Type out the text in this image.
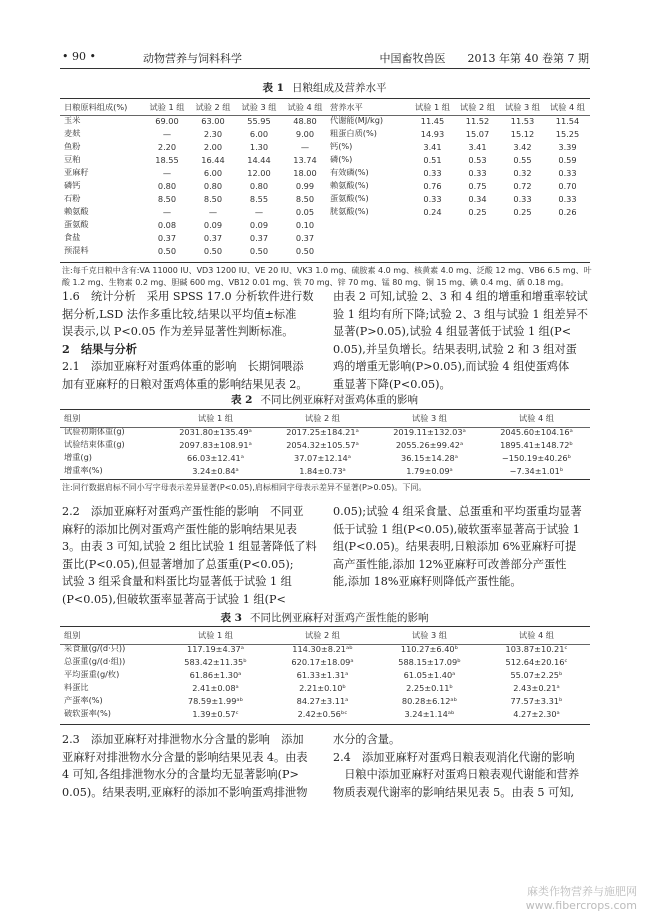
• 90 •	动物营养与饲料科学	中国畜牧兽医　　2013 年第 40 卷第 7 期
表 1 日粮组成及营养水平
日粮原料组成(%)	试验 1 组	试验 2 组	试验 3 组	试验 4 组	营养水平	试验 1 组	试验 2 组	试验 3 组	试验 4 组
玉米	69.00	63.00	55.95	48.80	代谢能(MJ/kg)	11.45	11.52	11.53	11.54
麦麸	—	2.30	6.00	9.00	粗蛋白质(%)	14.93	15.07	15.12	15.25
鱼粉	2.20	2.00	1.30	—	钙(%)	3.41	3.41	3.42	3.39
豆粕	18.55	16.44	14.44	13.74	磷(%)	0.51	0.53	0.55	0.59
亚麻籽	—	6.00	12.00	18.00	有效磷(%)	0.33	0.33	0.32	0.33
磷钙	0.80	0.80	0.80	0.99	赖氨酸(%)	0.76	0.75	0.72	0.70
石粉	8.50	8.50	8.55	8.50	蛋氨酸(%)	0.33	0.34	0.33	0.33
赖氨酸	—	—	—	0.05	胱氨酸(%)	0.24	0.25	0.25	0.26
蛋氨酸	0.08	0.09	0.09	0.10					
食盐	0.37	0.37	0.37	0.37					
预混料	0.50	0.50	0.50	0.50					
注:每千克日粮中含有:VA 11000 IU、VD3 1200 IU、VE 20 IU、VK3 1.0 mg、硫胺素 4.0 mg、核黄素 4.0 mg、泛酸 12 mg、VB6 6.5 mg、叶
酸 1.2 mg、生物素 0.2 mg、胆碱 600 mg、VB12 0.01 mg、铁 70 mg、锌 70 mg、锰 80 mg、铜 15 mg、碘 0.4 mg、硒 0.18 mg。

1.6　统计分析　采用 SPSS 17.0 分析软件进行数

据分析,LSD 法作多重比较,结果以平均值±标准

误表示,以 P<0.05 作为差异显著性判断标准。

2　结果与分析

2.1　添加亚麻籽对蛋鸡体重的影响　长期饲喂添

加有亚麻籽的日粮对蛋鸡体重的影响结果见表 2。

由表 2 可知,试验 2、3 和 4 组的增重和增重率较试

验 1 组均有所下降;试验 2、3 组与试验 1 组差异不

显著(P>0.05),试验 4 组显著低于试验 1 组(P<

0.05),并呈负增长。结果表明,试验 2 和 3 组对蛋

鸡的增重无影响(P>0.05),而试验 4 组使蛋鸡体

重显著下降(P<0.05)。

表 2 不同比例亚麻籽对蛋鸡体重的影响
组别	试验 1 组	试验 2 组	试验 3 组	试验 4 组
试验初期体重(g)	2031.80±135.49ᵃ	2017.25±184.21ᵃ	2019.11±132.03ᵃ	2045.60±104.16ᵃ
试验结束体重(g)	2097.83±108.91ᵃ	2054.32±105.57ᵃ	2055.26±99.42ᵃ	1895.41±148.72ᵇ
增重(g)	66.03±12.41ᵃ	37.07±12.14ᵃ	36.15±14.28ᵃ	−150.19±40.26ᵇ
增重率(%)	3.24±0.84ᵃ	1.84±0.73ᵃ	1.79±0.09ᵃ	−7.34±1.01ᵇ
注:同行数据肩标不同小写字母表示差异显著(P<0.05),肩标相同字母表示差异不显著(P>0.05)。下同。

2.2　添加亚麻籽对蛋鸡产蛋性能的影响　不同亚

麻籽的添加比例对蛋鸡产蛋性能的影响结果见表

3。由表 3 可知,试验 2 组比试验 1 组显著降低了料

蛋比(P<0.05),但显著增加了总蛋重(P<0.05);

试验 3 组采食量和料蛋比均显著低于试验 1 组

(P<0.05),但破软蛋率显著高于试验 1 组(P<

0.05);试验 4 组采食量、总蛋重和平均蛋重均显著

低于试验 1 组(P<0.05),破软蛋率显著高于试验 1

组(P<0.05)。结果表明,日粮添加 6%亚麻籽可提

高产蛋性能,添加 12%亚麻籽可改善部分产蛋性

能,添加 18%亚麻籽则降低产蛋性能。

表 3 不同比例亚麻籽对蛋鸡产蛋性能的影响
组别	试验 1 组	试验 2 组	试验 3 组	试验 4 组
采食量(g/(d·只))	117.19±4.37ᵃ	114.30±8.21ᵃᵇ	110.27±6.40ᵇ	103.87±10.21ᶜ
总蛋重(g/(d·组))	583.42±11.35ᵇ	620.17±18.09ᵃ	588.15±17.09ᵇ	512.64±20.16ᶜ
平均蛋重(g/枚)	61.86±1.30ᵃ	61.33±1.31ᵃ	61.05±1.40ᵃ	55.07±2.25ᵇ
料蛋比	2.41±0.08ᵃ	2.21±0.10ᵇ	2.25±0.11ᵇ	2.43±0.21ᵃ
产蛋率(%)	78.59±1.99ᵃᵇ	84.27±3.11ᵃ	80.28±6.12ᵃᵇ	77.57±3.31ᵇ
破软蛋率(%)	1.39±0.57ᶜ	2.42±0.56ᵇᶜ	3.24±1.14ᵃᵇ	4.27±2.30ᵃ

2.3　添加亚麻籽对排泄物水分含量的影响　添加

亚麻籽对排泄物水分含量的影响结果见表 4。由表

4 可知,各组排泄物水分的含量均无显著影响(P>

0.05)。结果表明,亚麻籽的添加不影响蛋鸡排泄物

水分的含量。

2.4　添加亚麻籽对蛋鸡日粮表观消化代谢的影响

　日粮中添加亚麻籽对蛋鸡日粮表观代谢能和营养

物质表观代谢率的影响结果见表 5。由表 5 可知,

麻类作物营养与施肥网
www.fibercrops.com
